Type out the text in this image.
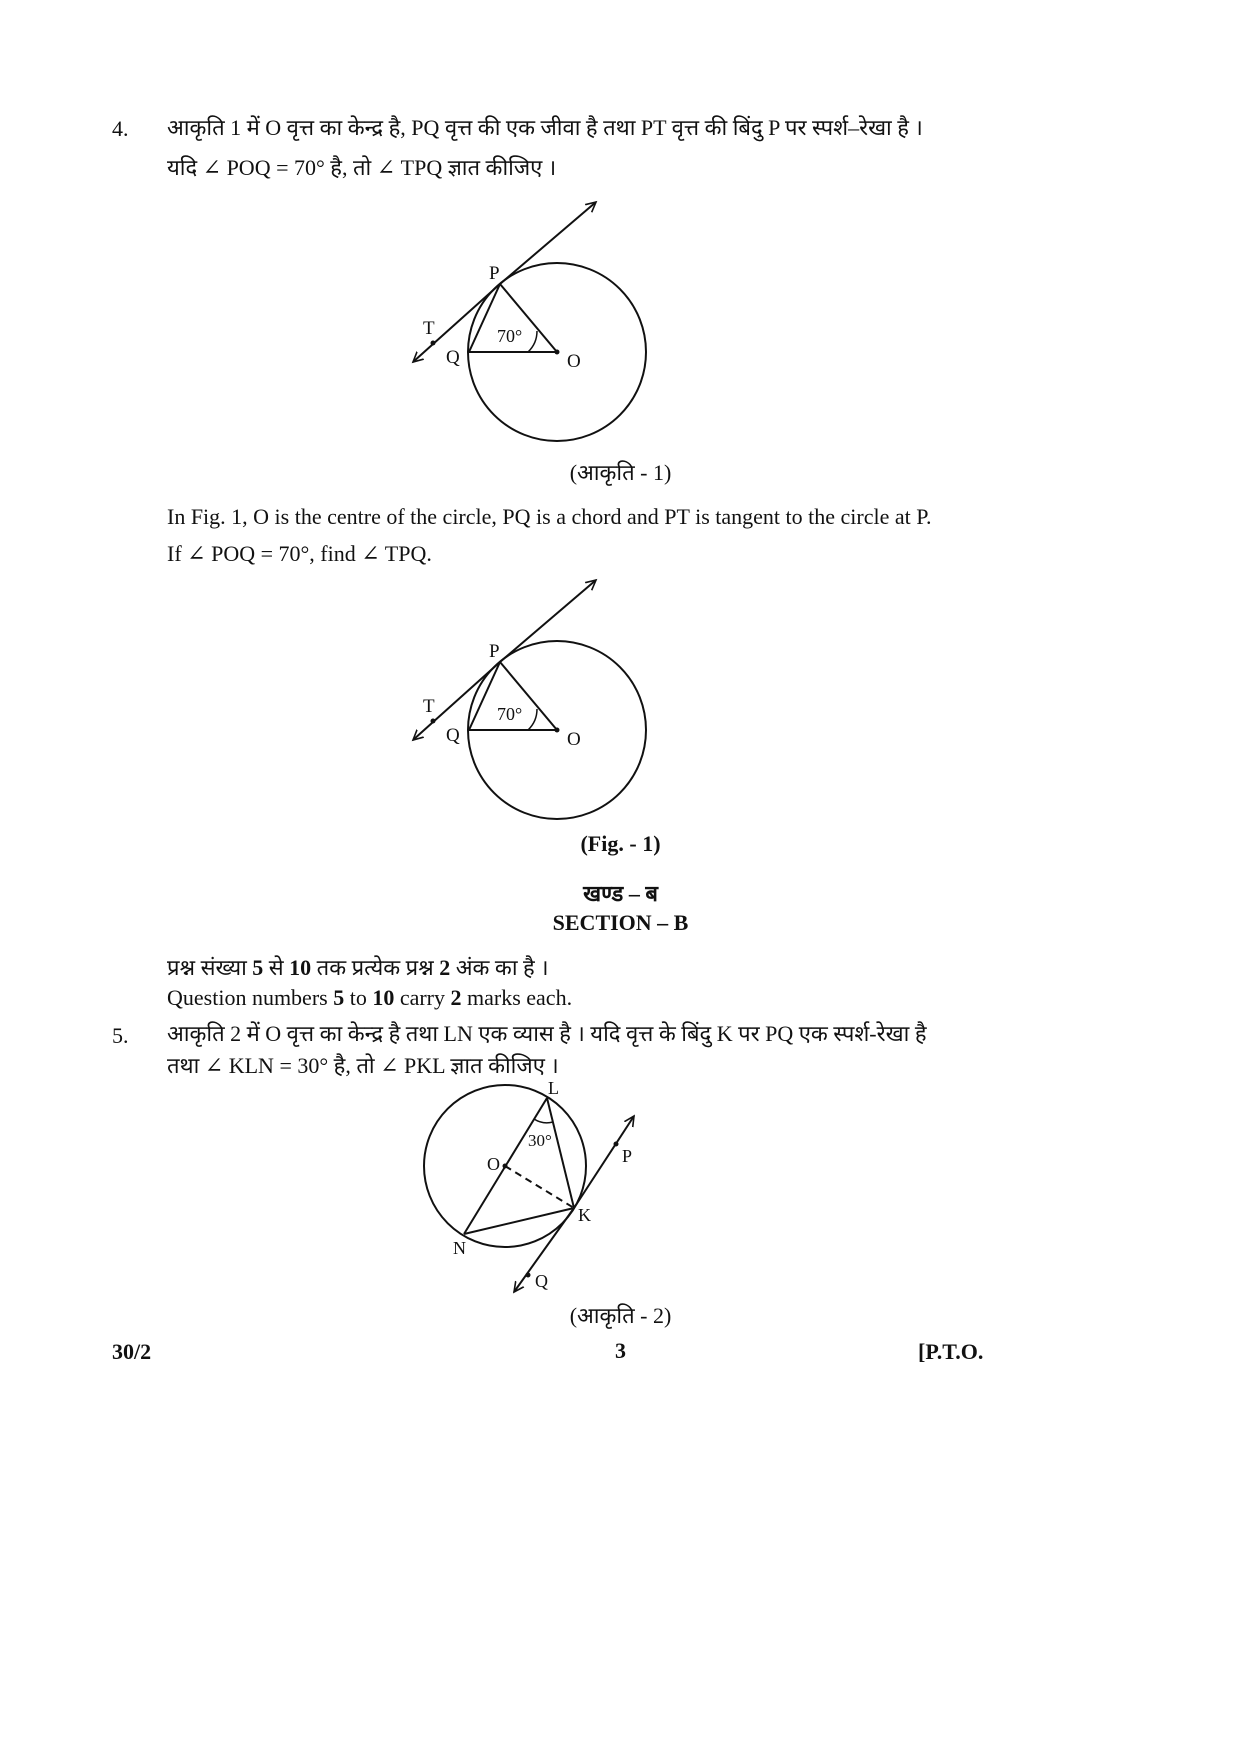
4. आकृति 1 में O वृत्त का केन्द्र है, PQ वृत्त की एक जीवा है तथा PT वृत्त की बिंदु P पर स्पर्श–रेखा है ।
यदि ∠ POQ = 70° है, तो ∠ TPQ ज्ञात कीजिए ।
P
T
Q	O
70°
(आकृति - 1)
In Fig. 1, O is the centre of the circle, PQ is a chord and PT is tangent to the circle at P.
If ∠ POQ = 70°, find ∠ TPQ.
P
T
Q	O
70°
(Fig. - 1)
खण्ड – ब
SECTION – B
प्रश्न संख्या 5 से 10 तक प्रत्येक प्रश्न 2 अंक का है ।
Question numbers 5 to 10 carry 2 marks each.
5. आकृति 2 में O वृत्त का केन्द्र है तथा LN एक व्यास है । यदि वृत्त के बिंदु K पर PQ एक स्पर्श-रेखा है
तथा ∠ KLN = 30° है, तो ∠ PKL ज्ञात कीजिए ।
L
30°
O	P
K
N
Q
(आकृति - 2)
30/2	3	[P.T.O.
